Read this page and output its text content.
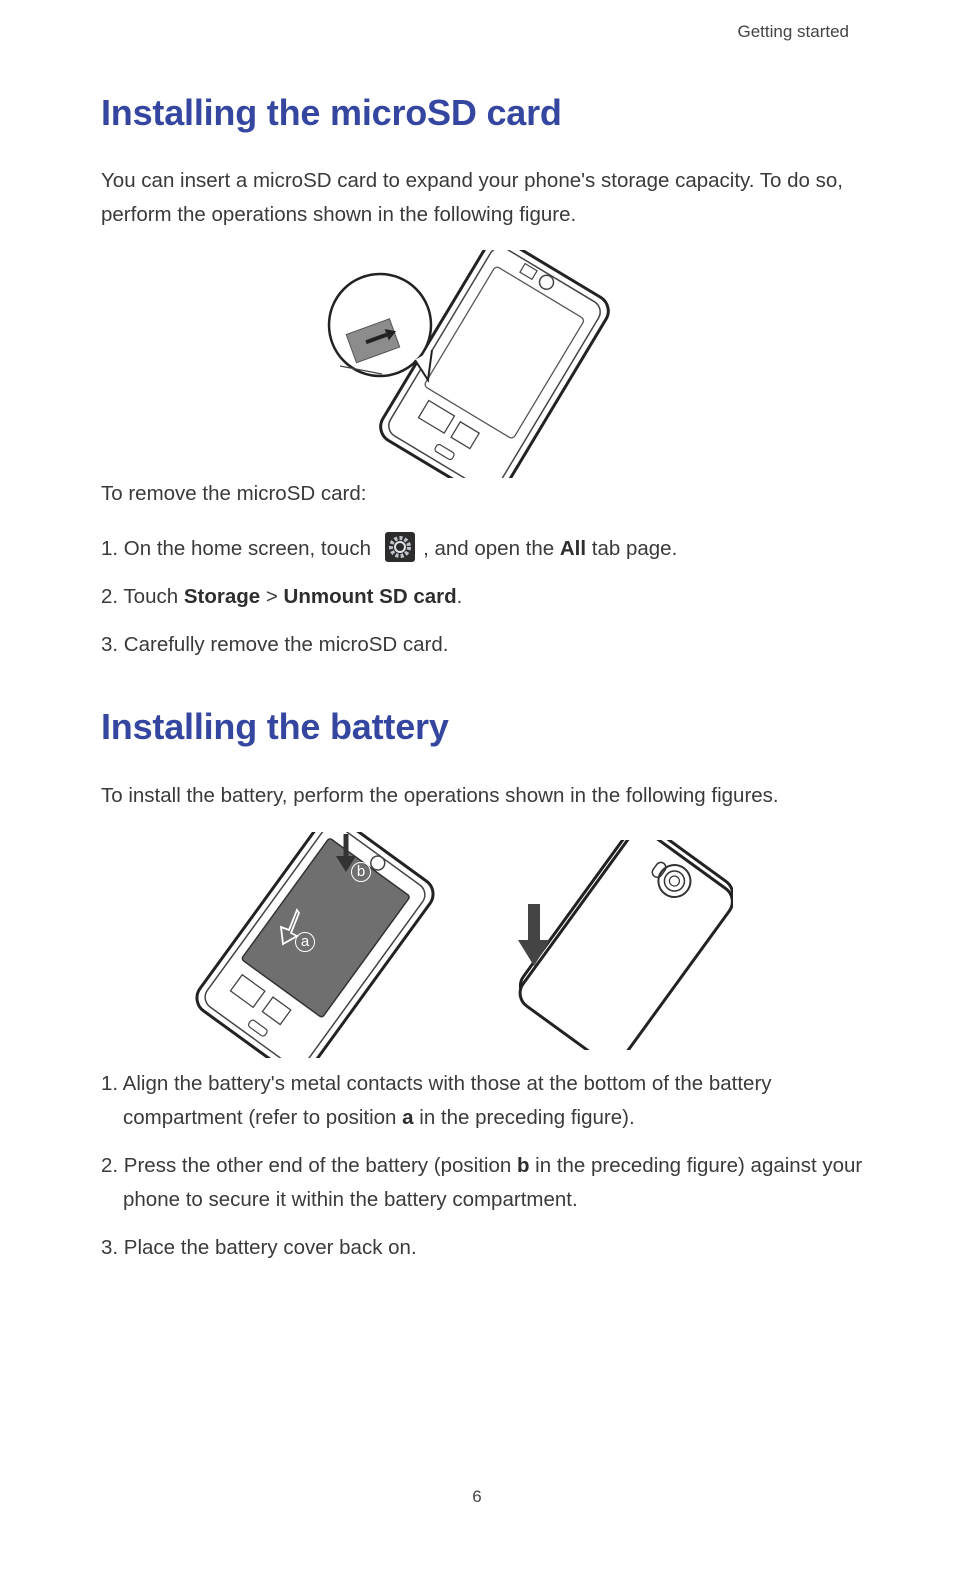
Getting started
Installing the microSD card

You can insert a microSD card to expand your phone's storage capacity. To do so, perform the operations shown in the following figure.

To remove the microSD card:

1. On the home screen, touch	, and open the All tab page.

2. Touch Storage > Unmount SD card.

3. Carefully remove the microSD card.

Installing the battery

To install the battery, perform the operations shown in the following figures.

b
a

1. Align the battery's metal contacts with those at the bottom of the battery compartment (refer to position a in the preceding figure).

2. Press the other end of the battery (position b in the preceding figure) against your phone to secure it within the battery compartment.

3. Place the battery cover back on.

6
